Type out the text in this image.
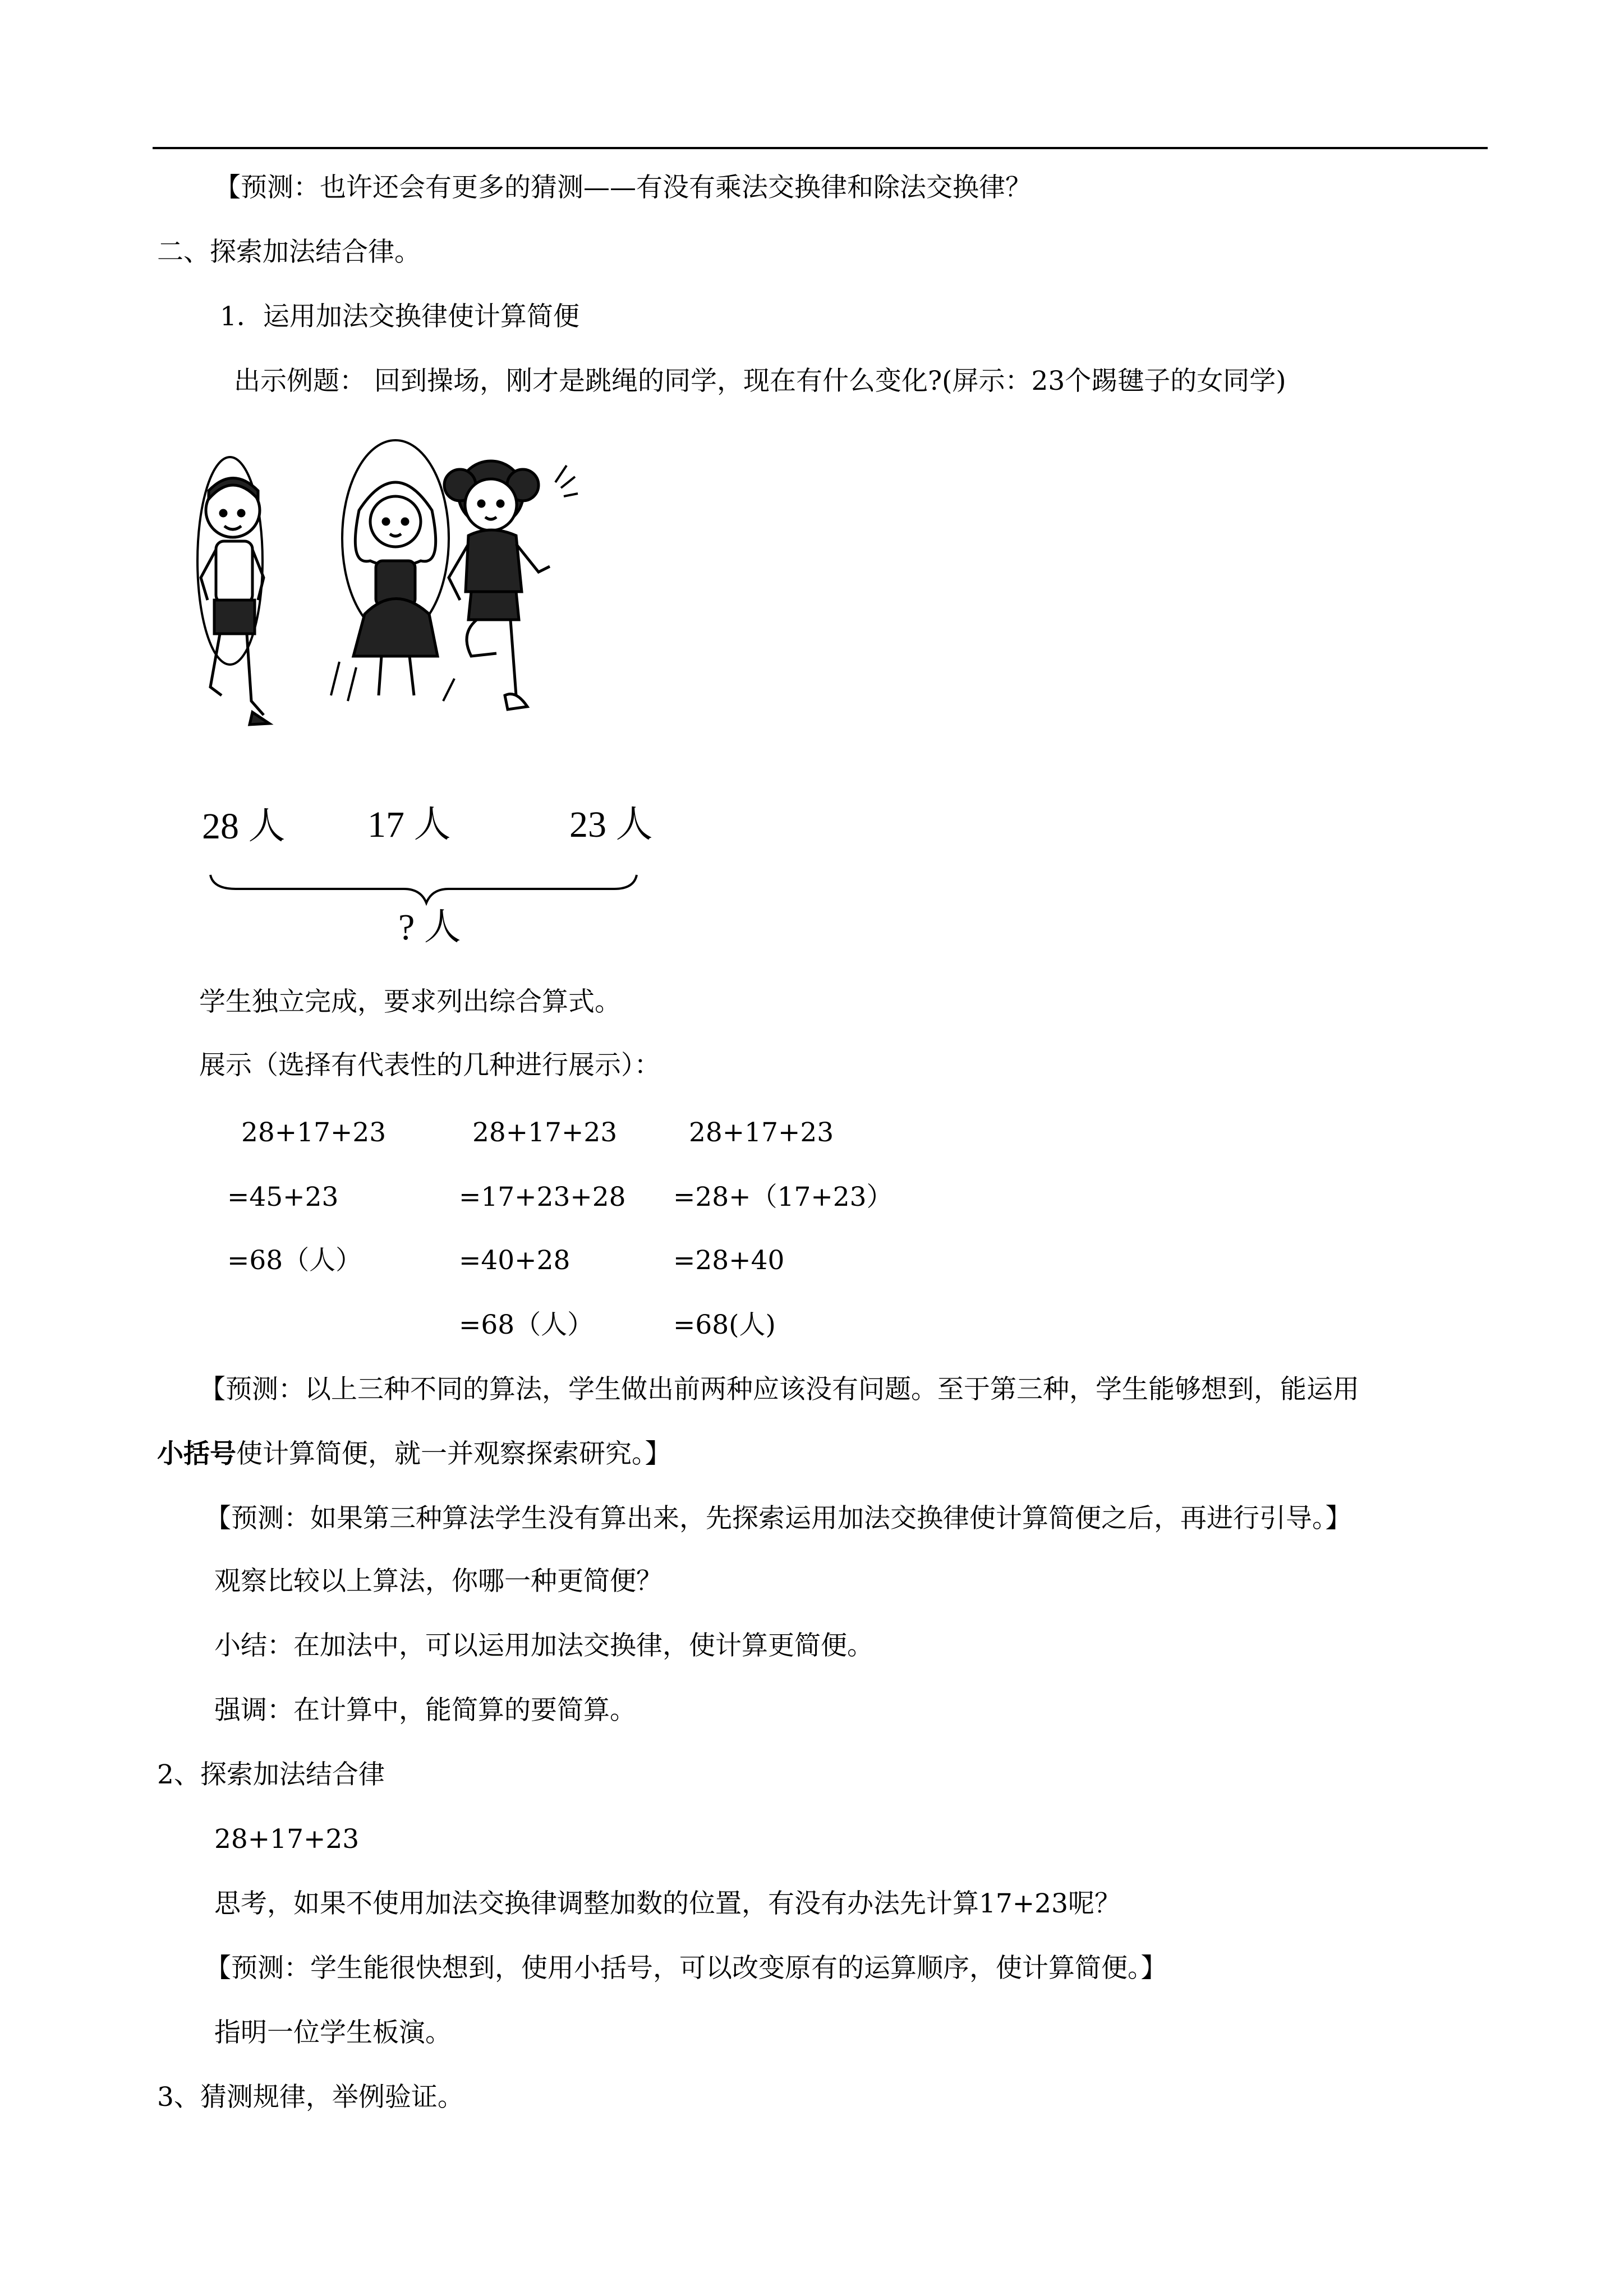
【预测：也许还会有更多的猜测——有没有乘法交换律和除法交换律？
二、探索加法结合律。
1．运用加法交换律使计算简便
出示例题： 回到操场，刚才是跳绳的同学，现在有什么变化?(屏示：23个踢毽子的女同学)
28 人 17 人	23 人
? 人
学生独立完成，要求列出综合算式。
展示（选择有代表性的几种进行展示）：
28+17+23
=45+23
=68（人）
28+17+23
=17+23+28
=40+28
=68（人）
28+17+23
=28+（17+23）
=28+40
=68(人)
【预测：以上三种不同的算法，学生做出前两种应该没有问题。至于第三种，学生能够想到，能运用
小括号使计算简便，就一并观察探索研究。】
【预测：如果第三种算法学生没有算出来，先探索运用加法交换律使计算简便之后，再进行引导。】
观察比较以上算法，你哪一种更简便？
小结：在加法中，可以运用加法交换律，使计算更简便。
强调：在计算中，能简算的要简算。
2、探索加法结合律
28+17+23
思考，如果不使用加法交换律调整加数的位置，有没有办法先计算17+23呢？
【预测：学生能很快想到，使用小括号，可以改变原有的运算顺序，使计算简便。】
指明一位学生板演。
3、猜测规律，举例验证。
